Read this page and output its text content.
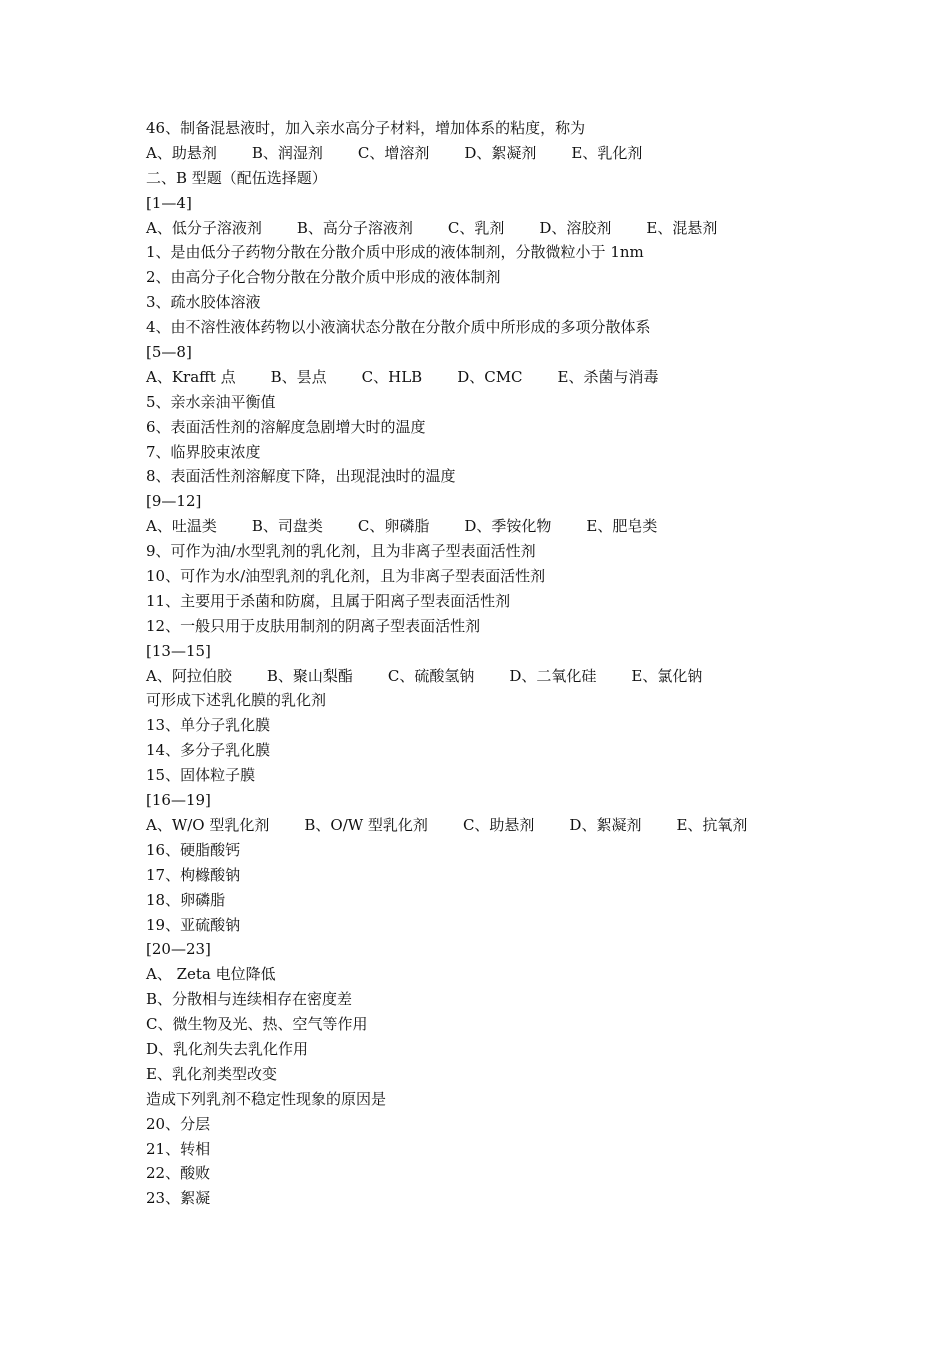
46、制备混悬液时，加入亲水高分子材料，增加体系的粘度，称为
A、助悬剂 B、润湿剂 C、增溶剂 D、絮凝剂 E、乳化剂
二、B 型题（配伍选择题）
[1—4]
A、低分子溶液剂 B、高分子溶液剂 C、乳剂 D、溶胶剂 E、混悬剂
1、是由低分子药物分散在分散介质中形成的液体制剂，分散微粒小于 1nm
2、由高分子化合物分散在分散介质中形成的液体制剂
3、疏水胶体溶液
4、由不溶性液体药物以小液滴状态分散在分散介质中所形成的多项分散体系
[5—8]
A、Krafft 点 B、昙点 C、HLB D、CMC E、杀菌与消毒
5、亲水亲油平衡值
6、表面活性剂的溶解度急剧增大时的温度
7、临界胶束浓度
8、表面活性剂溶解度下降，出现混浊时的温度
[9—12]
A、吐温类 B、司盘类 C、卵磷脂 D、季铵化物 E、肥皂类
9、可作为油/水型乳剂的乳化剂，且为非离子型表面活性剂
10、可作为水/油型乳剂的乳化剂，且为非离子型表面活性剂
11、主要用于杀菌和防腐，且属于阳离子型表面活性剂
12、一般只用于皮肤用制剂的阴离子型表面活性剂
[13—15]
A、阿拉伯胶 B、聚山梨酯 C、硫酸氢钠 D、二氧化硅 E、氯化钠
可形成下述乳化膜的乳化剂
13、单分子乳化膜
14、多分子乳化膜
15、固体粒子膜
[16—19]
A、W/O 型乳化剂 B、O/W 型乳化剂 C、助悬剂 D、絮凝剂 E、抗氧剂
16、硬脂酸钙
17、枸橼酸钠
18、卵磷脂
19、亚硫酸钠
[20—23]
A、 Zeta 电位降低
B、分散相与连续相存在密度差
C、微生物及光、热、空气等作用
D、乳化剂失去乳化作用
E、乳化剂类型改变
造成下列乳剂不稳定性现象的原因是
20、分层
21、转相
22、酸败
23、絮凝
